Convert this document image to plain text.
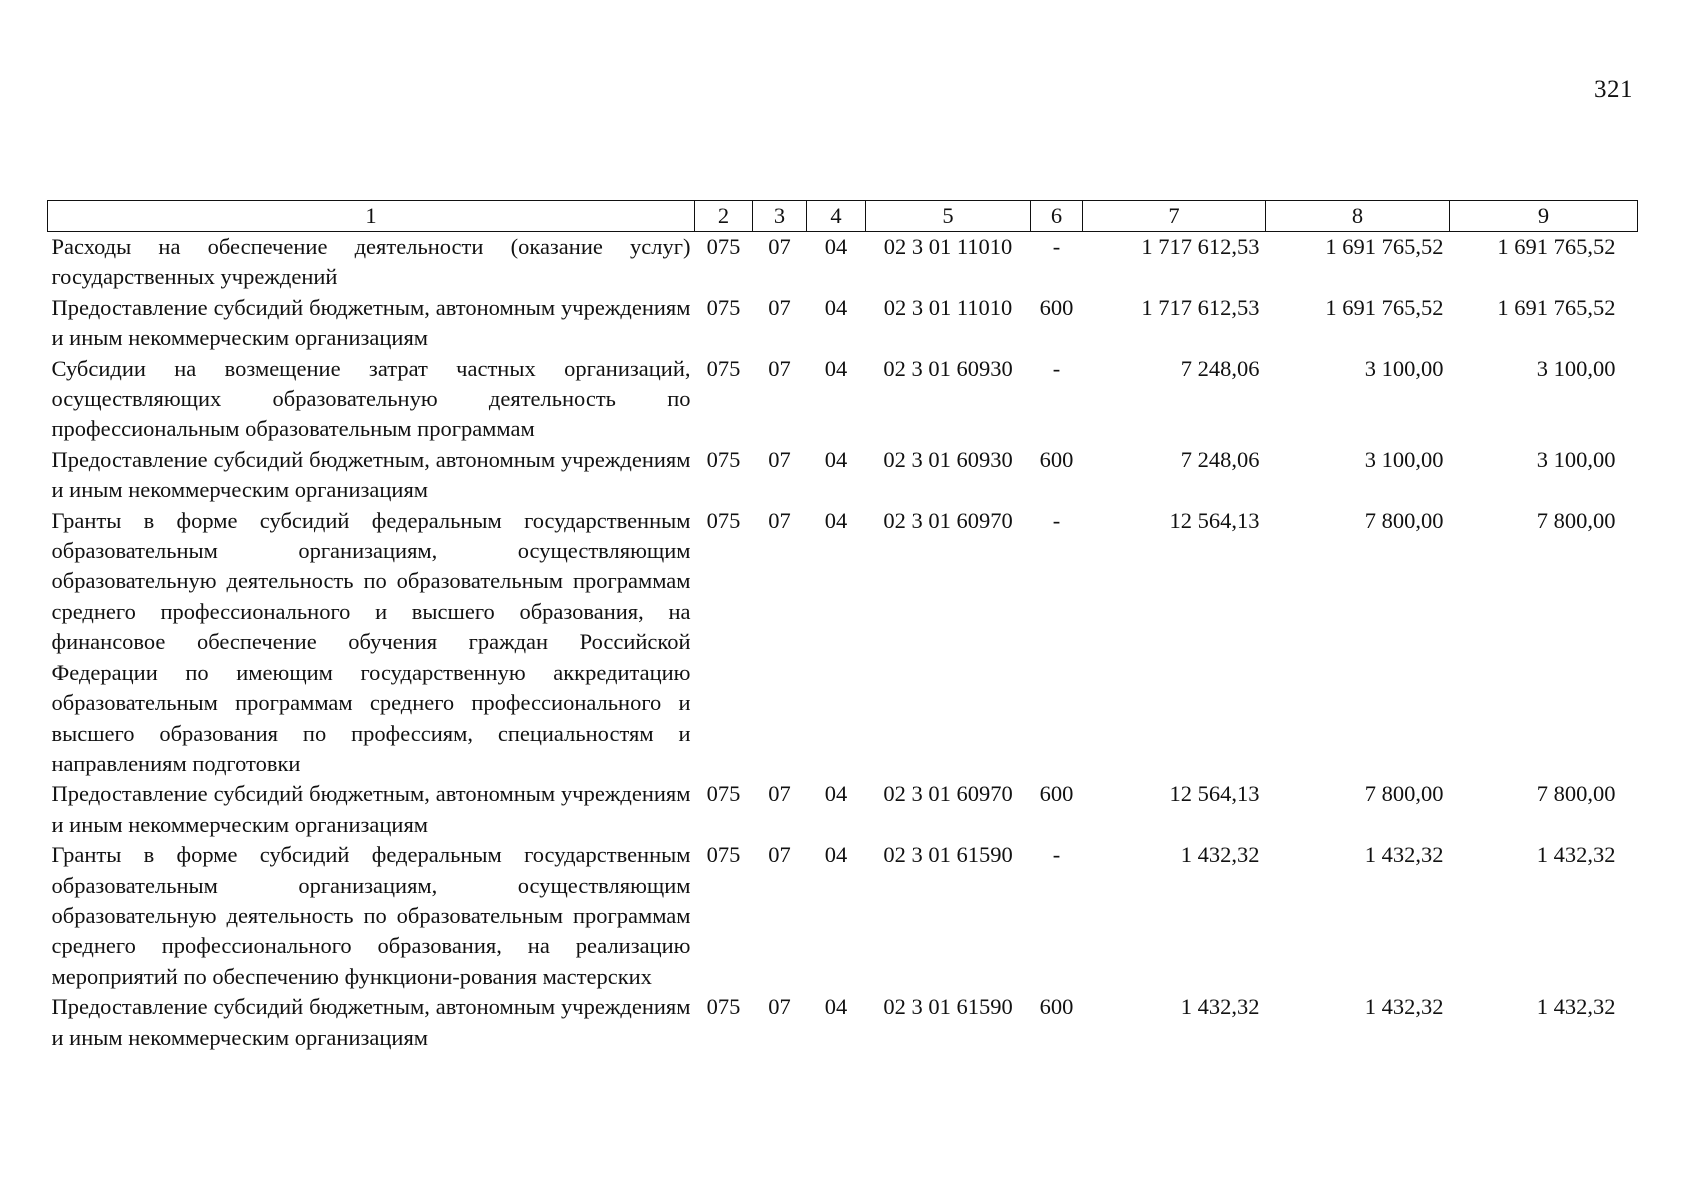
321
1	2	3	4	5	6	7	8	9
Расходы на обеспечение деятельности (оказание услуг) государственных учреждений	075	07	04	02 3 01 11010	-	1 717 612,53	1 691 765,52	1 691 765,52
Предоставление субсидий бюджетным, автономным учреждениям и иным некоммерческим организациям	075	07	04	02 3 01 11010	600	1 717 612,53	1 691 765,52	1 691 765,52
Субсидии на возмещение затрат частных организаций, осуществляющих образовательную деятельность по профессиональным образовательным программам	075	07	04	02 3 01 60930	-	7 248,06	3 100,00	3 100,00
Предоставление субсидий бюджетным, автономным учреждениям и иным некоммерческим организациям	075	07	04	02 3 01 60930	600	7 248,06	3 100,00	3 100,00
Гранты в форме субсидий федеральным государственным образовательным организациям, осуществляющим образовательную деятельность по образовательным программам среднего профессионального и высшего образования, на финансовое обеспечение обучения граждан Российской Федерации по имеющим государственную аккредитацию образовательным программам среднего профессионального и высшего образования по профессиям, специальностям и направлениям подготовки	075	07	04	02 3 01 60970	-	12 564,13	7 800,00	7 800,00
Предоставление субсидий бюджетным, автономным учреждениям и иным некоммерческим организациям	075	07	04	02 3 01 60970	600	12 564,13	7 800,00	7 800,00
Гранты в форме субсидий федеральным государственным образовательным организациям, осуществляющим образовательную деятельность по образовательным программам среднего профессионального образования, на реализацию мероприятий по обеспечению функциони-рования мастерских	075	07	04	02 3 01 61590	-	1 432,32	1 432,32	1 432,32
Предоставление субсидий бюджетным, автономным учреждениям и иным некоммерческим организациям	075	07	04	02 3 01 61590	600	1 432,32	1 432,32	1 432,32
